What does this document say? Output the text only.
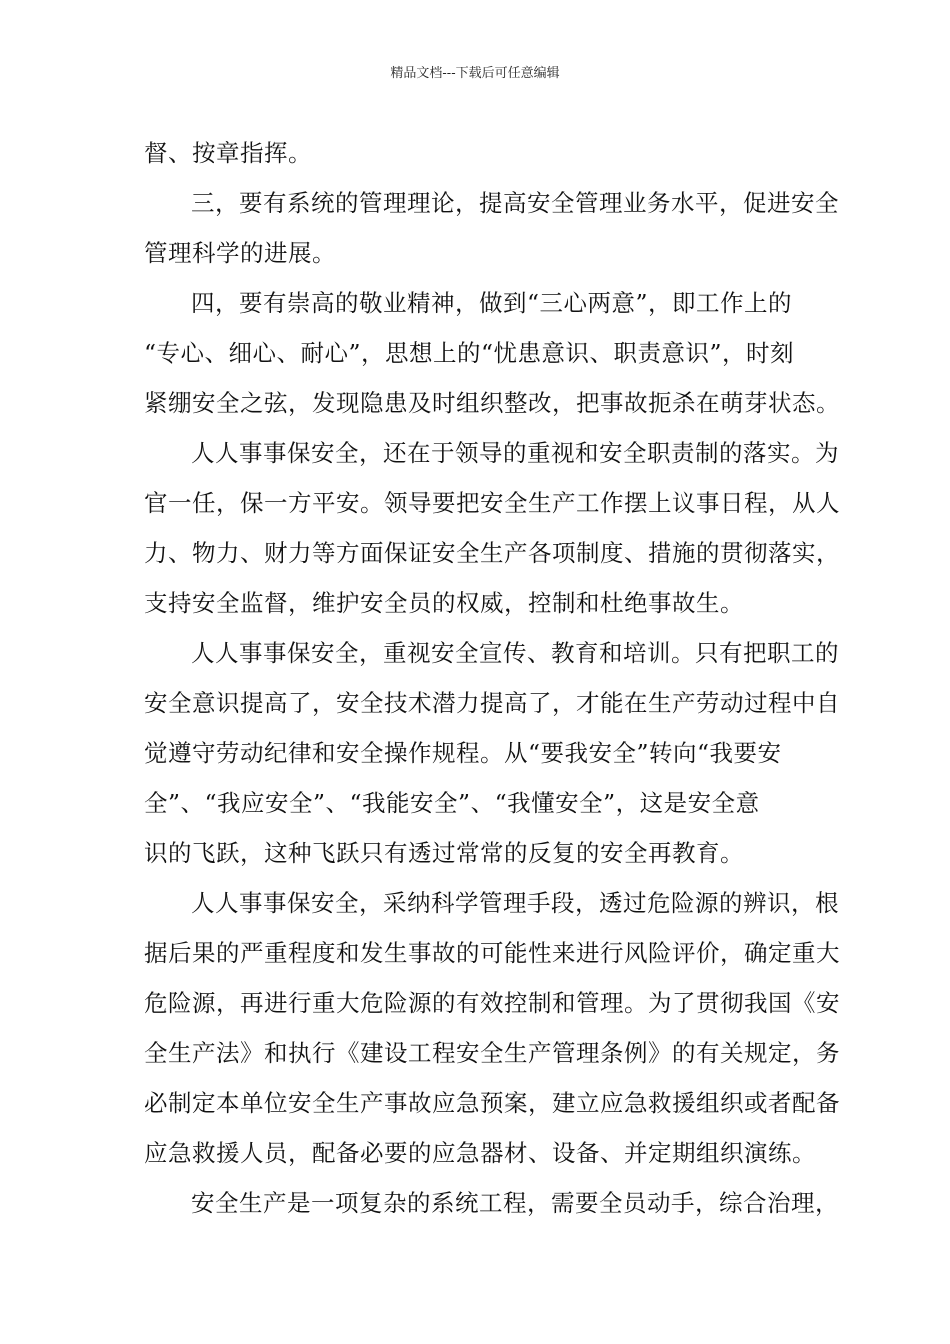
精品文档---下载后可任意编辑
督、按章指挥。
三，要有系统的管理理论，提高安全管理业务水平，促进安全
管理科学的进展。
四，要有崇高的敬业精神，做到“三心两意”，即工作上的
“专心、细心、耐心”，思想上的“忧患意识、职责意识”，时刻
紧绷安全之弦，发现隐患及时组织整改，把事故扼杀在萌芽状态。
人人事事保安全，还在于领导的重视和安全职责制的落实。为
官一任，保一方平安。领导要把安全生产工作摆上议事日程，从人
力、物力、财力等方面保证安全生产各项制度、措施的贯彻落实，
支持安全监督，维护安全员的权威，控制和杜绝事故生。
人人事事保安全，重视安全宣传、教育和培训。只有把职工的
安全意识提高了，安全技术潜力提高了，才能在生产劳动过程中自
觉遵守劳动纪律和安全操作规程。从“要我安全”转向“我要安
全”、“我应安全”、“我能安全”、“我懂安全”，这是安全意
识的飞跃，这种飞跃只有透过常常的反复的安全再教育。
人人事事保安全，采纳科学管理手段，透过危险源的辨识，根
据后果的严重程度和发生事故的可能性来进行风险评价，确定重大
危险源，再进行重大危险源的有效控制和管理。为了贯彻我国《安
全生产法》和执行《建设工程安全生产管理条例》的有关规定，务
必制定本单位安全生产事故应急预案，建立应急救援组织或者配备
应急救援人员，配备必要的应急器材、设备、并定期组织演练。
安全生产是一项复杂的系统工程，需要全员动手，综合治理，
